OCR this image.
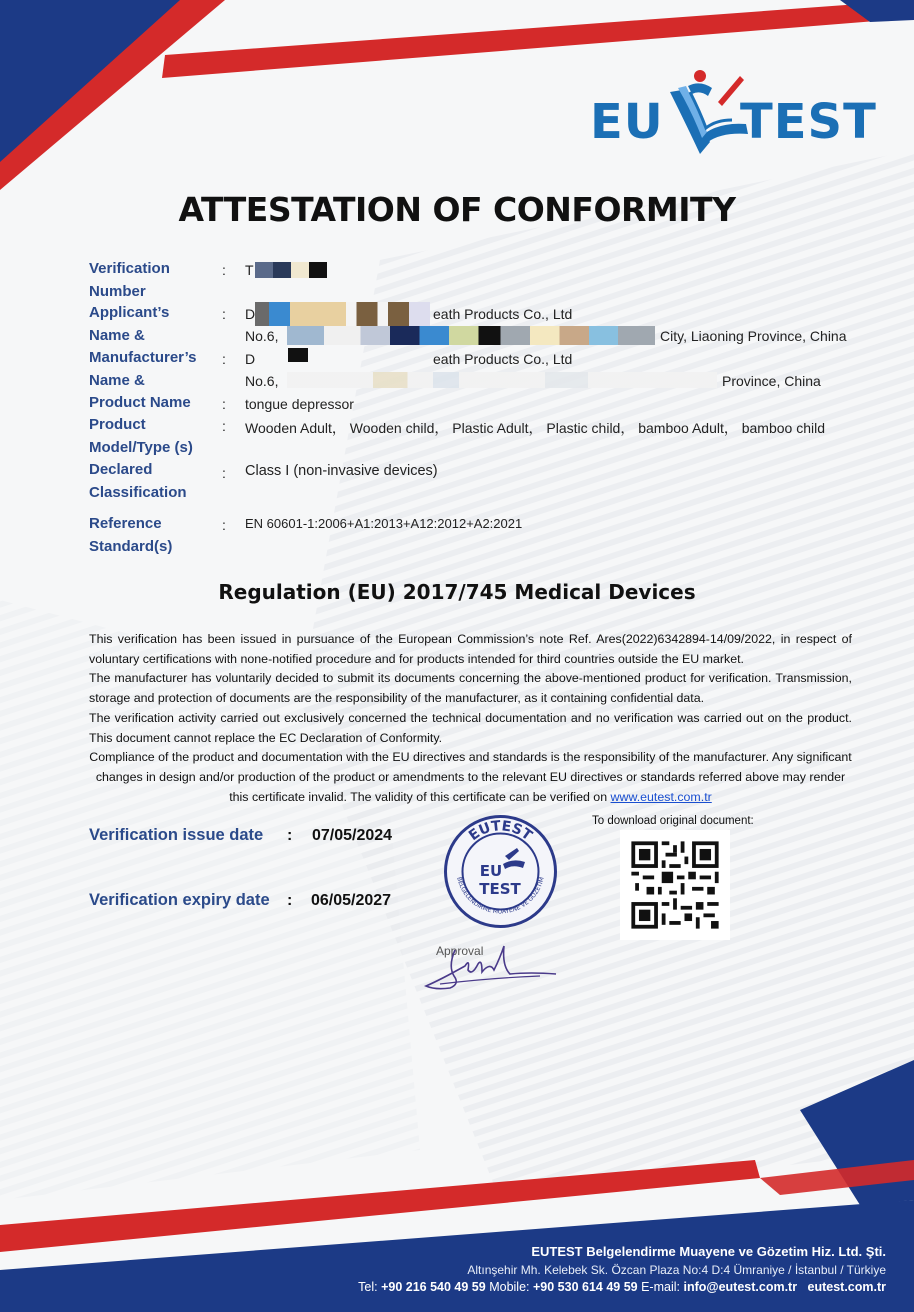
EU TEST
ATTESTATION OF CONFORMITY
Verification
Number
: T
Applicant’s
Name &
: D	eath Products Co., Ltd
No.6,	City, Liaoning Province, China
Manufacturer’s
Name &
: D	eath Products Co., Ltd
No.6,	Province, China
Product Name : tongue depressor
Product
Model/Type (s)
: Wooden Adult， Wooden child， Plastic Adult， Plastic child， bamboo Adult， bamboo child
Declared
Classification
: Class I (non-invasive devices)
Reference
Standard(s)
: EN 60601-1:2006+A1:2013+A12:2012+A2:2021
Regulation (EU) 2017/745 Medical Devices

This verification has been issued in pursuance of the European Commission’s note Ref. Ares(2022)6342894-14/09/2022, in respect of voluntary certifications with none-notified procedure and for products intended for third countries outside the EU market.

The manufacturer has voluntarily decided to submit its documents concerning the above-mentioned product for verification. Transmission, storage and protection of documents are the responsibility of the manufacturer, as it containing confidential data.

The verification activity carried out exclusively concerned the technical documentation and no verification was carried out on the product. This document cannot replace the EC Declaration of Conformity.

Compliance of the product and documentation with the EU directives and standards is the responsibility of the manufacturer. Any significant changes in design and/or production of the product or amendments to the relevant EU directives or standards referred above may render this certificate invalid. The validity of this certificate can be verified on www.eutest.com.tr

Verification issue date : 07/05/2024
Verification expiry date : 06/05/2027
EUTEST
BELGELENDİRME MUAYENE VE GÖZETİM
EU
TEST
To download original document:
Approval
EUTEST Belgelendirme Muayene ve Gözetim Hiz. Ltd. Şti.
Altınşehir Mh. Kelebek Sk. Özcan Plaza No:4 D:4 Ümraniye / İstanbul / Türkiye
Tel: +90 216 540 49 59 Mobile: +90 530 614 49 59 E-mail: info@eutest.com.tr eutest.com.tr
